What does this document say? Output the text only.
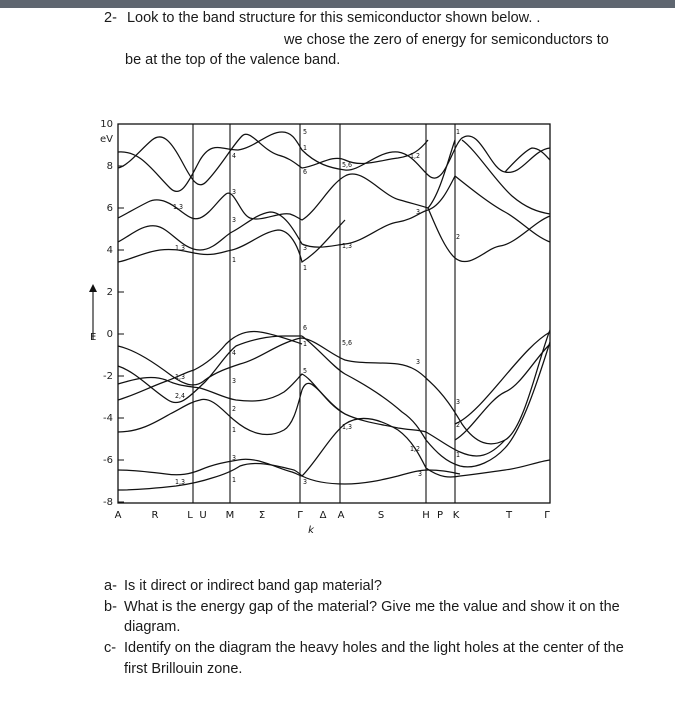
2- Look to the band structure for this semiconductor shown below. .
we chose the zero of energy for semiconductors to
be at the top of the valence band.
10
eV
8
6
4
2
0
-2
-4
-6
-8
E
A	R	L U M Σ	Γ Δ A	S	H P K	T	Γ
k
1,3
1,3
4
3
3
1
5
1
6
3
1
1
5,6
1,3
1,2
3
2
6
1	5,6
5
4
1,3
2,4
3
2
1
3
1,3
1,2
3
2
3
1
1	3
3
1,3
a- Is it direct or indirect band gap material?
b- What is the energy gap of the material? Give me the value and show it on the diagram.
c- Identify on the diagram the heavy holes and the light holes at the center of the first Brillouin zone.
